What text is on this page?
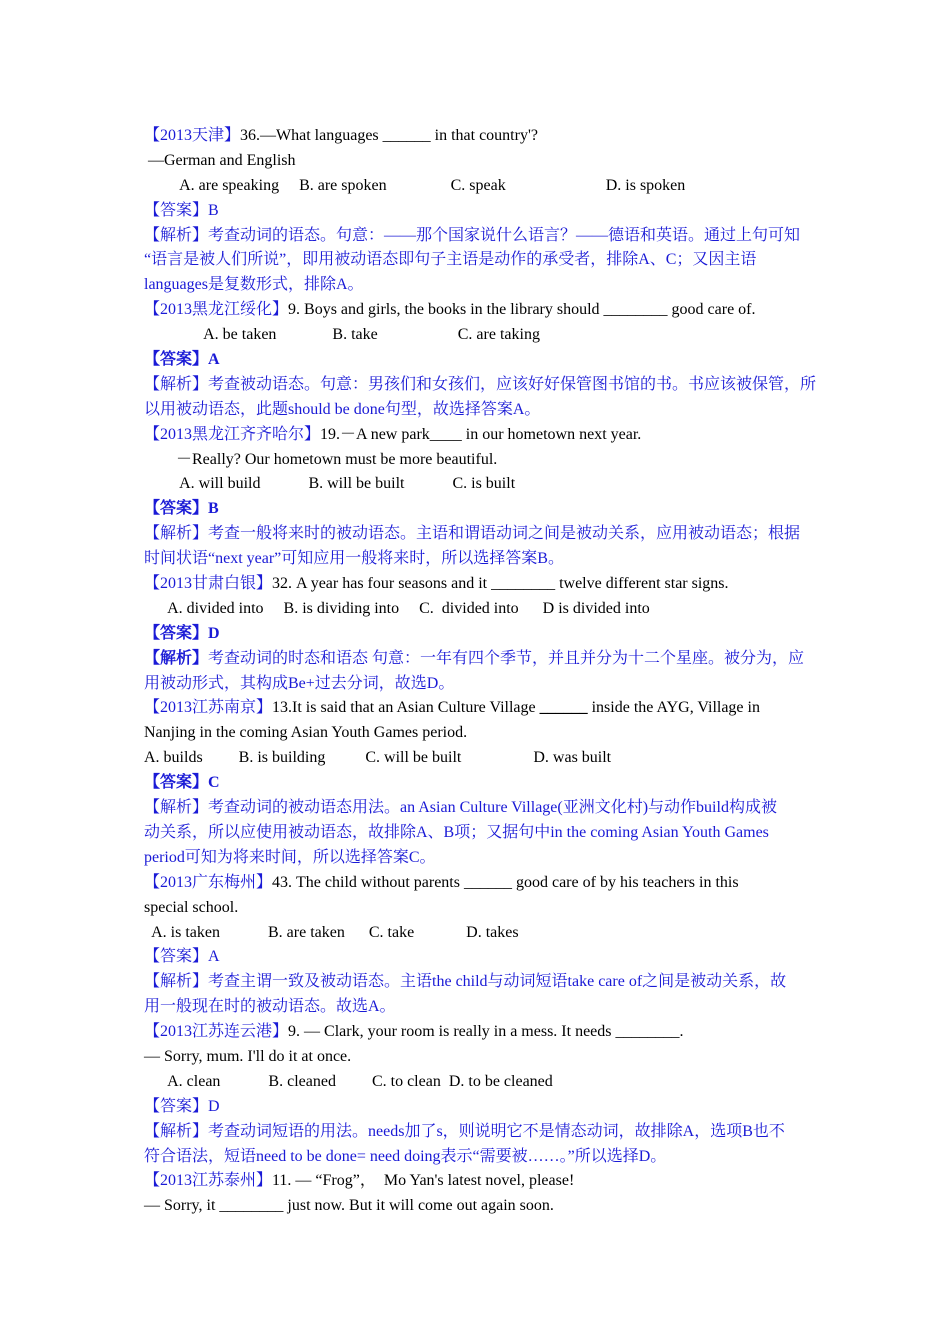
【2013天津】36.—What languages ______ in that country'?
—German and English
A. are speaking     B. are spoken                C. speak                         D. is spoken
【答案】B
【解析】考查动词的语态。句意：——那个国家说什么语言？——德语和英语。通过上句可知
“语言是被人们所说”，即用被动语态即句子主语是动作的承受者，排除A、C；又因主语
languages是复数形式，排除A。
【2013黑龙江绥化】9. Boys and girls, the books in the library should ________ good care of.
A. be taken              B. take                    C. are taking
【答案】A
【解析】考查被动语态。句意：男孩们和女孩们，应该好好保管图书馆的书。书应该被保管，所
以用被动语态，此题should be done句型，故选择答案A。
【2013黑龙江齐齐哈尔】19.－A new park____ in our hometown next year.
－Really? Our hometown must be more beautiful.
A. will build            B. will be built            C. is built
【答案】B
【解析】考查一般将来时的被动语态。主语和谓语动词之间是被动关系，应用被动语态；根据
时间状语“next year”可知应用一般将来时，所以选择答案B。
【2013甘肃白银】32. A year has four seasons and it ________ twelve different star signs.
A. divided into     B. is dividing into     C.  divided into      D is divided into
【答案】D
【解析】考查动词的时态和语态 句意：一年有四个季节，并且并分为十二个星座。被分为，应
用被动形式，其构成Be+过去分词，故选D。
【2013江苏南京】13.It is said that an Asian Culture Village ______ inside the AYG, Village in
Nanjing in the coming Asian Youth Games period.
A. builds         B. is building          C. will be built                  D. was built
【答案】C
【解析】考查动词的被动语态用法。an Asian Culture Village(亚洲文化村)与动作build构成被
动关系，所以应使用被动语态，故排除A、B项；又据句中in the coming Asian Youth Games
period可知为将来时间，所以选择答案C。
【2013广东梅州】43. The child without parents ______ good care of by his teachers in this
special school.
A. is taken            B. are taken      C. take             D. takes
【答案】A
【解析】考查主谓一致及被动语态。主语the child与动词短语take care of之间是被动关系，故
用一般现在时的被动语态。故选A。
【2013江苏连云港】9. — Clark, your room is really in a mess. It needs ________.
— Sorry, mum. I'll do it at once.
A. clean            B. cleaned         C. to clean  D. to be cleaned
【答案】D
【解析】考查动词短语的用法。needs加了s，则说明它不是情态动词，故排除A，选项B也不
符合语法，短语need to be done= need doing表示“需要被……。”所以选择D。
【2013江苏泰州】11. — “Frog”，  Mo Yan's latest novel, please!
— Sorry, it ________ just now. But it will come out again soon.
